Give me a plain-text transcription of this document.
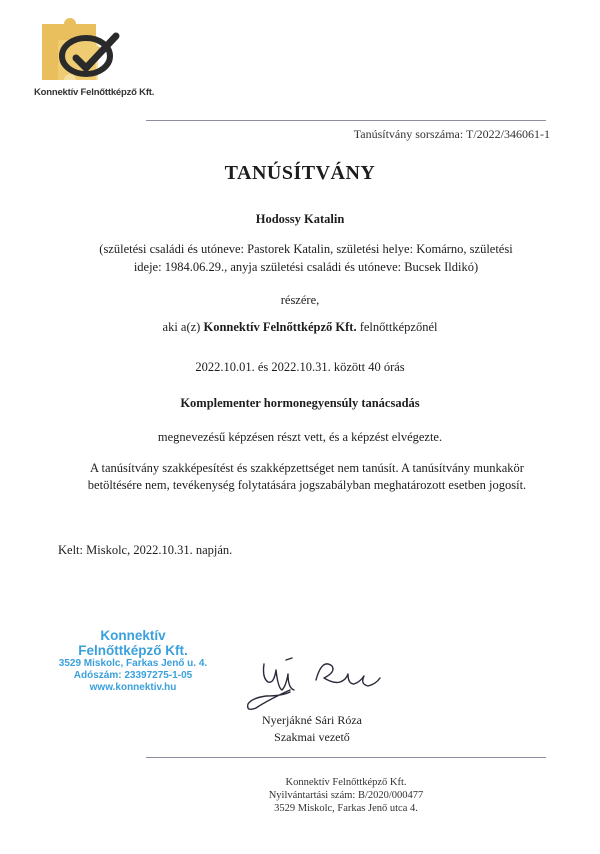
Konnektív Felnőttképző Kft.
Tanúsítvány sorszáma: T/2022/346061-1
TANÚSÍTVÁNY
Hodossy Katalin
(születési családi és utóneve: Pastorek Katalin, születési helye: Komárno, születési
ideje: 1984.06.29., anyja születési családi és utóneve: Bucsek Ildikó)
részére,
aki a(z) Konnektív Felnőttképző Kft. felnőttképzőnél
2022.10.01. és 2022.10.31. között 40 órás
Komplementer hormonegyensúly tanácsadás
megnevezésű képzésen részt vett, és a képzést elvégezte.
A tanúsítvány szakképesítést és szakképzettséget nem tanúsít. A tanúsítvány munkakör
betöltésére nem, tevékenység folytatására jogszabályban meghatározott esetben jogosít.
Kelt: Miskolc, 2022.10.31. napján.
Konnektív
Felnőttképző Kft.
3529 Miskolc, Farkas Jenő u. 4.
Adószám: 23397275-1-05
www.konnektiv.hu
Nyerjákné Sári Róza
Szakmai vezető
Konnektív Felnőttképző Kft.
Nyilvántartási szám: B/2020/000477
3529 Miskolc, Farkas Jenő utca 4.
